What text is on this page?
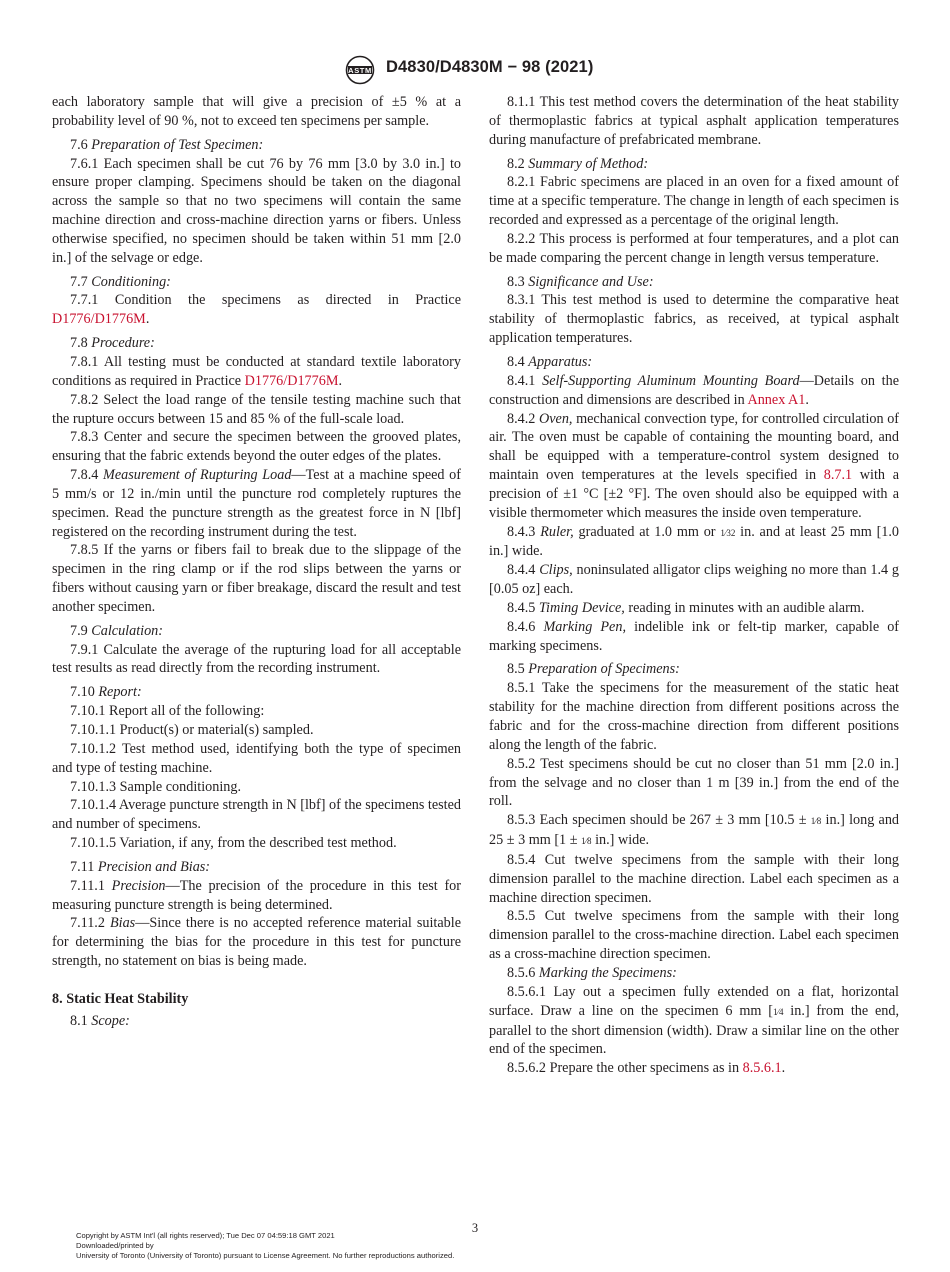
ASTM D4830/D4830M − 98 (2021)

each laboratory sample that will give a precision of ±5 % at a probability level of 90 %, not to exceed ten specimens per sample.

7.6 Preparation of Test Specimen:

7.6.1 Each specimen shall be cut 76 by 76 mm [3.0 by 3.0 in.] to ensure proper clamping. Specimens should be taken on the diagonal across the sample so that no two specimens will contain the same machine direction and cross-machine direction yarns or fibers. Unless otherwise specified, no specimen should be taken within 51 mm [2.0 in.] of the selvage or edge.

7.7 Conditioning:

7.7.1 Condition the specimens as directed in Practice D1776/D1776M.

7.8 Procedure:

7.8.1 All testing must be conducted at standard textile laboratory conditions as required in Practice D1776/D1776M.

7.8.2 Select the load range of the tensile testing machine such that the rupture occurs between 15 and 85 % of the full-scale load.

7.8.3 Center and secure the specimen between the grooved plates, ensuring that the fabric extends beyond the outer edges of the plates.

7.8.4 Measurement of Rupturing Load—Test at a machine speed of 5 mm/s or 12 in./min until the puncture rod completely ruptures the specimen. Read the puncture strength as the greatest force in N [lbf] registered on the recording instrument during the test.

7.8.5 If the yarns or fibers fail to break due to the slippage of the specimen in the ring clamp or if the rod slips between the yarns or fibers without causing yarn or fiber breakage, discard the result and test another specimen.

7.9 Calculation:

7.9.1 Calculate the average of the rupturing load for all acceptable test results as read directly from the recording instrument.

7.10 Report:

7.10.1 Report all of the following:

7.10.1.1 Product(s) or material(s) sampled.

7.10.1.2 Test method used, identifying both the type of specimen and type of testing machine.

7.10.1.3 Sample conditioning.

7.10.1.4 Average puncture strength in N [lbf] of the specimens tested and number of specimens.

7.10.1.5 Variation, if any, from the described test method.

7.11 Precision and Bias:

7.11.1 Precision—The precision of the procedure in this test for measuring puncture strength is being determined.

7.11.2 Bias—Since there is no accepted reference material suitable for determining the bias for the procedure in this test for puncture strength, no statement on bias is being made.

8. Static Heat Stability

8.1 Scope:

8.1.1 This test method covers the determination of the heat stability of thermoplastic fabrics at typical asphalt application temperatures during manufacture of prefabricated membrane.

8.2 Summary of Method:

8.2.1 Fabric specimens are placed in an oven for a fixed amount of time at a specific temperature. The change in length of each specimen is recorded and expressed as a percentage of the original length.

8.2.2 This process is performed at four temperatures, and a plot can be made comparing the percent change in length versus temperature.

8.3 Significance and Use:

8.3.1 This test method is used to determine the comparative heat stability of thermoplastic fabrics, as received, at typical asphalt application temperatures.

8.4 Apparatus:

8.4.1 Self-Supporting Aluminum Mounting Board—Details on the construction and dimensions are described in Annex A1.

8.4.2 Oven, mechanical convection type, for controlled circulation of air. The oven must be capable of containing the mounting board, and shall be equipped with a temperature-control system designed to maintain oven temperatures at the levels specified in 8.7.1 with a precision of ±1 °C [±2 °F]. The oven should also be equipped with a visible thermometer which measures the inside oven temperature.

8.4.3 Ruler, graduated at 1.0 mm or 1⁄32 in. and at least 25 mm [1.0 in.] wide.

8.4.4 Clips, noninsulated alligator clips weighing no more than 1.4 g [0.05 oz] each.

8.4.5 Timing Device, reading in minutes with an audible alarm.

8.4.6 Marking Pen, indelible ink or felt-tip marker, capable of marking specimens.

8.5 Preparation of Specimens:

8.5.1 Take the specimens for the measurement of the static heat stability for the machine direction from different positions across the fabric and for the cross-machine direction from different positions along the length of the fabric.

8.5.2 Test specimens should be cut no closer than 51 mm [2.0 in.] from the selvage and no closer than 1 m [39 in.] from the end of the roll.

8.5.3 Each specimen should be 267 ± 3 mm [10.5 ± 1⁄8 in.] long and 25 ± 3 mm [1 ± 1⁄8 in.] wide.

8.5.4 Cut twelve specimens from the sample with their long dimension parallel to the machine direction. Label each specimen as a machine direction specimen.

8.5.5 Cut twelve specimens from the sample with their long dimension parallel to the cross-machine direction. Label each specimen as a cross-machine direction specimen.

8.5.6 Marking the Specimens:

8.5.6.1 Lay out a specimen fully extended on a flat, horizontal surface. Draw a line on the specimen 6 mm [1⁄4 in.] from the end, parallel to the short dimension (width). Draw a similar line on the other end of the specimen.

8.5.6.2 Prepare the other specimens as in 8.5.6.1.

3
Copyright by ASTM Int'l (all rights reserved); Tue Dec 07 04:59:18 GMT 2021
Downloaded/printed by
University of Toronto (University of Toronto) pursuant to License Agreement. No further reproductions authorized.
